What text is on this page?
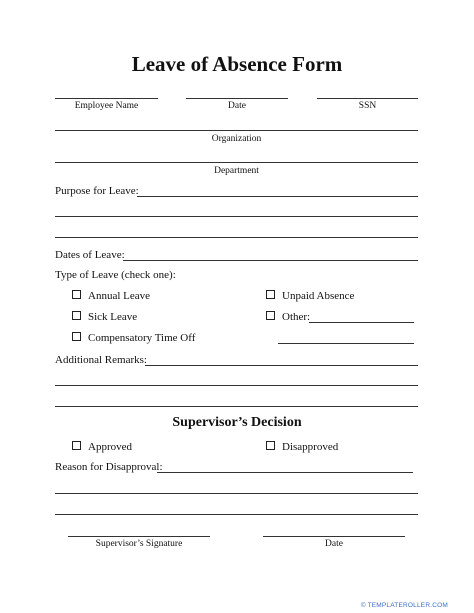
Leave of Absence Form
Employee Name	Date	SSN
Organization
Department
Purpose for Leave:
Dates of Leave:
Type of Leave (check one):
Annual Leave	Unpaid Absence
Sick Leave	Other:
Compensatory Time Off
Additional Remarks:
Supervisor’s Decision
Approved	Disapproved
Reason for Disapproval:
Supervisor’s Signature	Date
© TEMPLATEROLLER.COM
